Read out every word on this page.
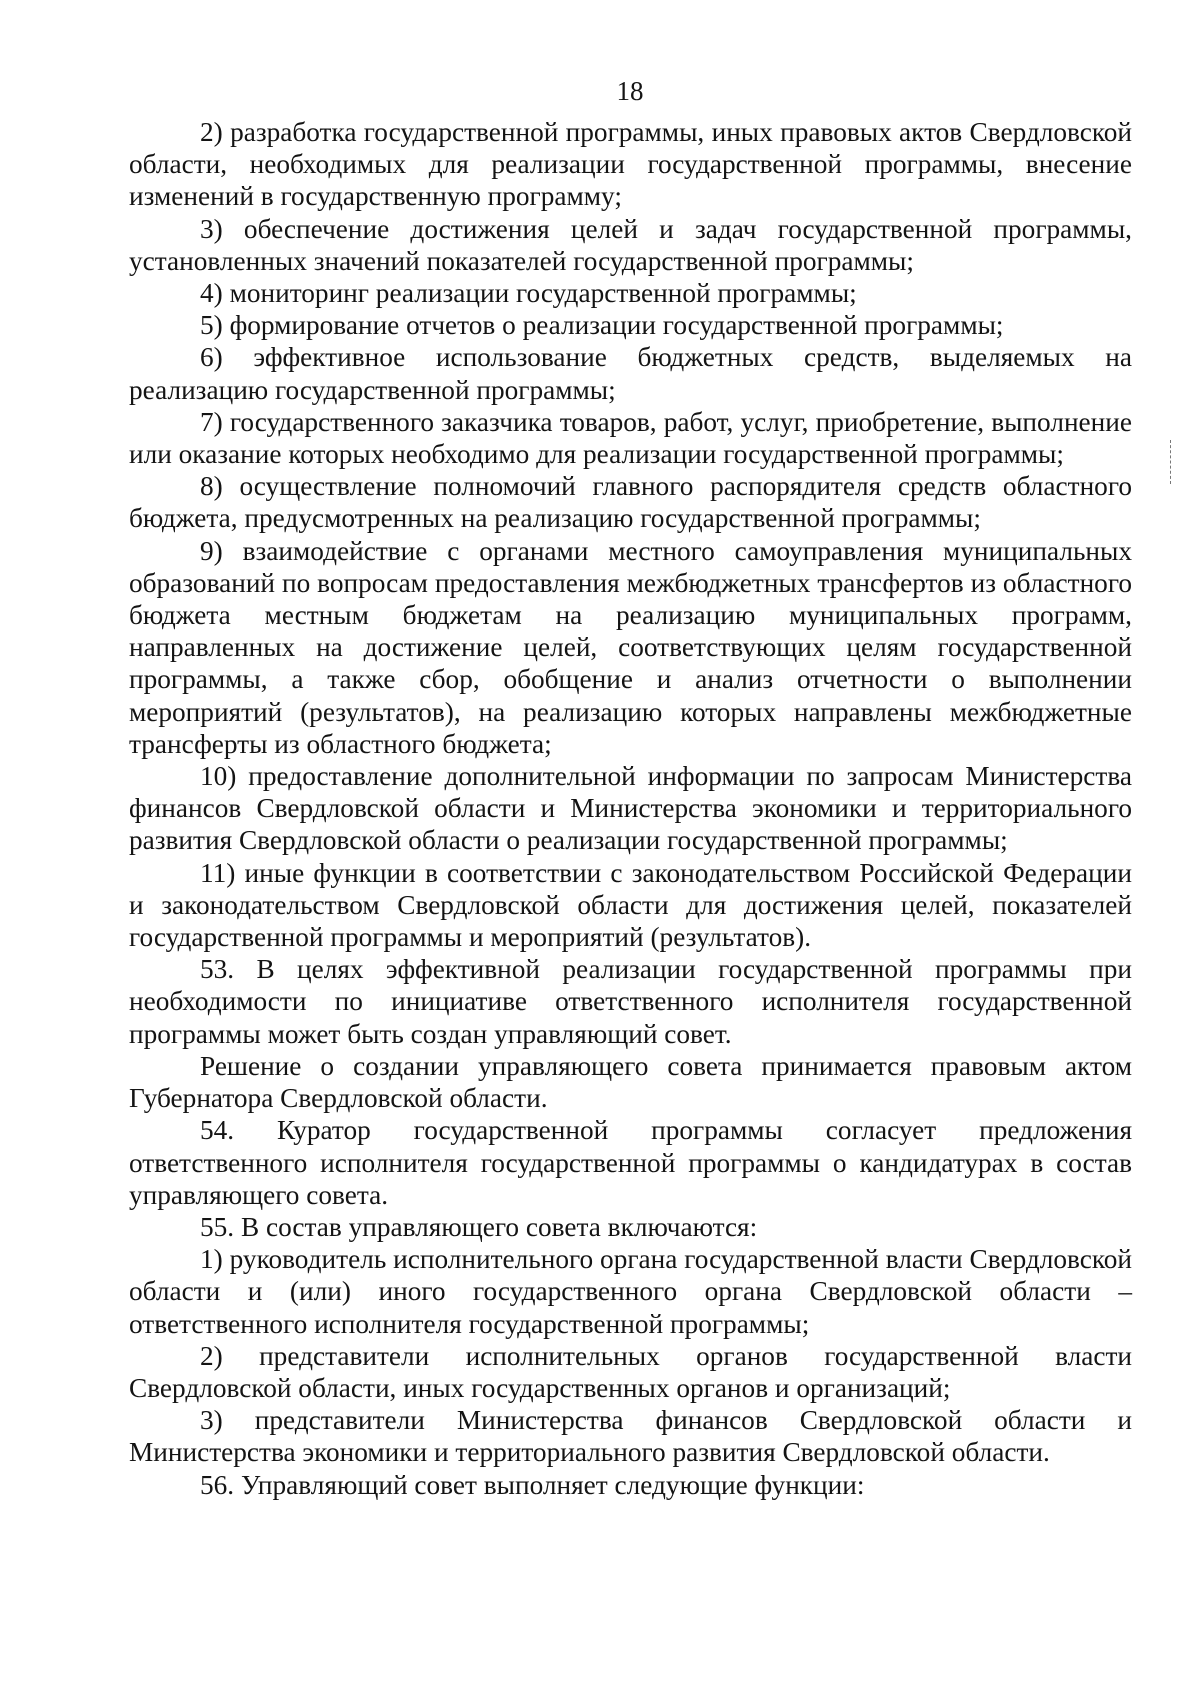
18

2) разработка государственной программы, иных правовых актов Свердловской области, необходимых для реализации государственной программы, внесение изменений в государственную программу;

3) обеспечение достижения целей и задач государственной программы, установленных значений показателей государственной программы;

4) мониторинг реализации государственной программы;

5) формирование отчетов о реализации государственной программы;

6) эффективное использование бюджетных средств, выделяемых на реализацию государственной программы;

7) государственного заказчика товаров, работ, услуг, приобретение, выполнение или оказание которых необходимо для реализации государственной программы;

8) осуществление полномочий главного распорядителя средств областного бюджета, предусмотренных на реализацию государственной программы;

9) взаимодействие с органами местного самоуправления муниципальных образований по вопросам предоставления межбюджетных трансфертов из областного бюджета местным бюджетам на реализацию муниципальных программ, направленных на достижение целей, соответствующих целям государственной программы, а также сбор, обобщение и анализ отчетности о выполнении мероприятий (результатов), на реализацию которых направлены межбюджетные трансферты из областного бюджета;

10) предоставление дополнительной информации по запросам Министерства финансов Свердловской области и Министерства экономики и территориального развития Свердловской области о реализации государственной программы;

11) иные функции в соответствии с законодательством Российской Федерации и законодательством Свердловской области для достижения целей, показателей государственной программы и мероприятий (результатов).

53. В целях эффективной реализации государственной программы при необходимости по инициативе ответственного исполнителя государственной программы может быть создан управляющий совет.

Решение о создании управляющего совета принимается правовым актом Губернатора Свердловской области.

54. Куратор государственной программы согласует предложения ответственного исполнителя государственной программы о кандидатурах в состав управляющего совета.

55. В состав управляющего совета включаются:

1) руководитель исполнительного органа государственной власти Свердловской области и (или) иного государственного органа Свердловской области – ответственного исполнителя государственной программы;

2) представители исполнительных органов государственной власти Свердловской области, иных государственных органов и организаций;

3) представители Министерства финансов Свердловской области и Министерства экономики и территориального развития Свердловской области.

56. Управляющий совет выполняет следующие функции:
